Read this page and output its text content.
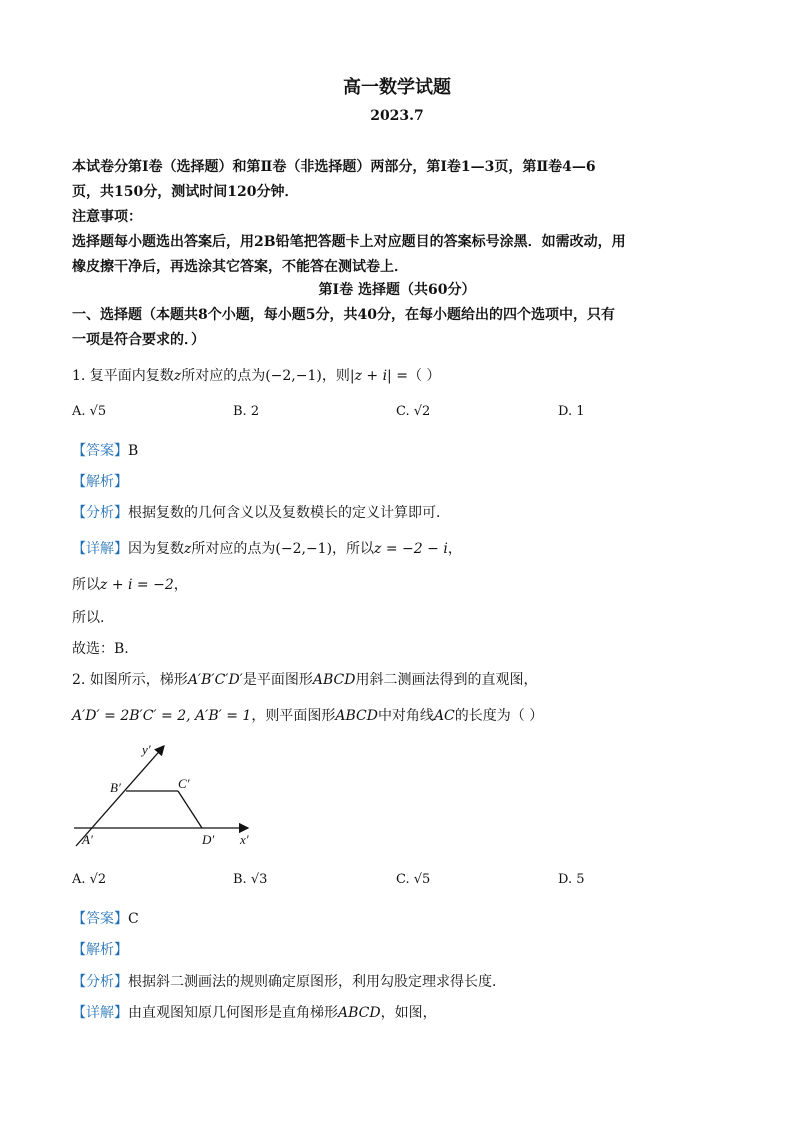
高一数学试题
2023.7
本试卷分第Ⅰ卷（选择题）和第Ⅱ卷（非选择题）两部分，第Ⅰ卷1—3页，第Ⅱ卷4—6
页，共150分，测试时间120分钟．
注意事项：
选择题每小题选出答案后，用2B铅笔把答题卡上对应题目的答案标号涂黑．如需改动，用
橡皮擦干净后，再选涂其它答案，不能答在测试卷上．
第Ⅰ卷 选择题（共60分）
一、选择题（本题共8个小题，每小题5分，共40分，在每小题给出的四个选项中，只有
一项是符合要求的．）
1. 复平面内复数z所对应的点为(−2,−1)，则|z + i| =（ ）
A. √5	B. 2	C. √2	D. 1
【答案】B
【解析】
【分析】根据复数的几何含义以及复数模长的定义计算即可．
【详解】因为复数z所对应的点为(−2,−1)，所以z = −2 − i，
所以z + i = −2，
所以.
故选：B.
2. 如图所示，梯形A′B′C′D′是平面图形ABCD用斜二测画法得到的直观图，
A′D′ = 2B′C′ = 2, A′B′ = 1，则平面图形ABCD中对角线AC的长度为（ ）
y′
x′
A′
B′	C′
D′
A. √2	B. √3	C. √5	D. 5
【答案】C
【解析】
【分析】根据斜二测画法的规则确定原图形，利用勾股定理求得长度．
【详解】由直观图知原几何图形是直角梯形ABCD，如图，
